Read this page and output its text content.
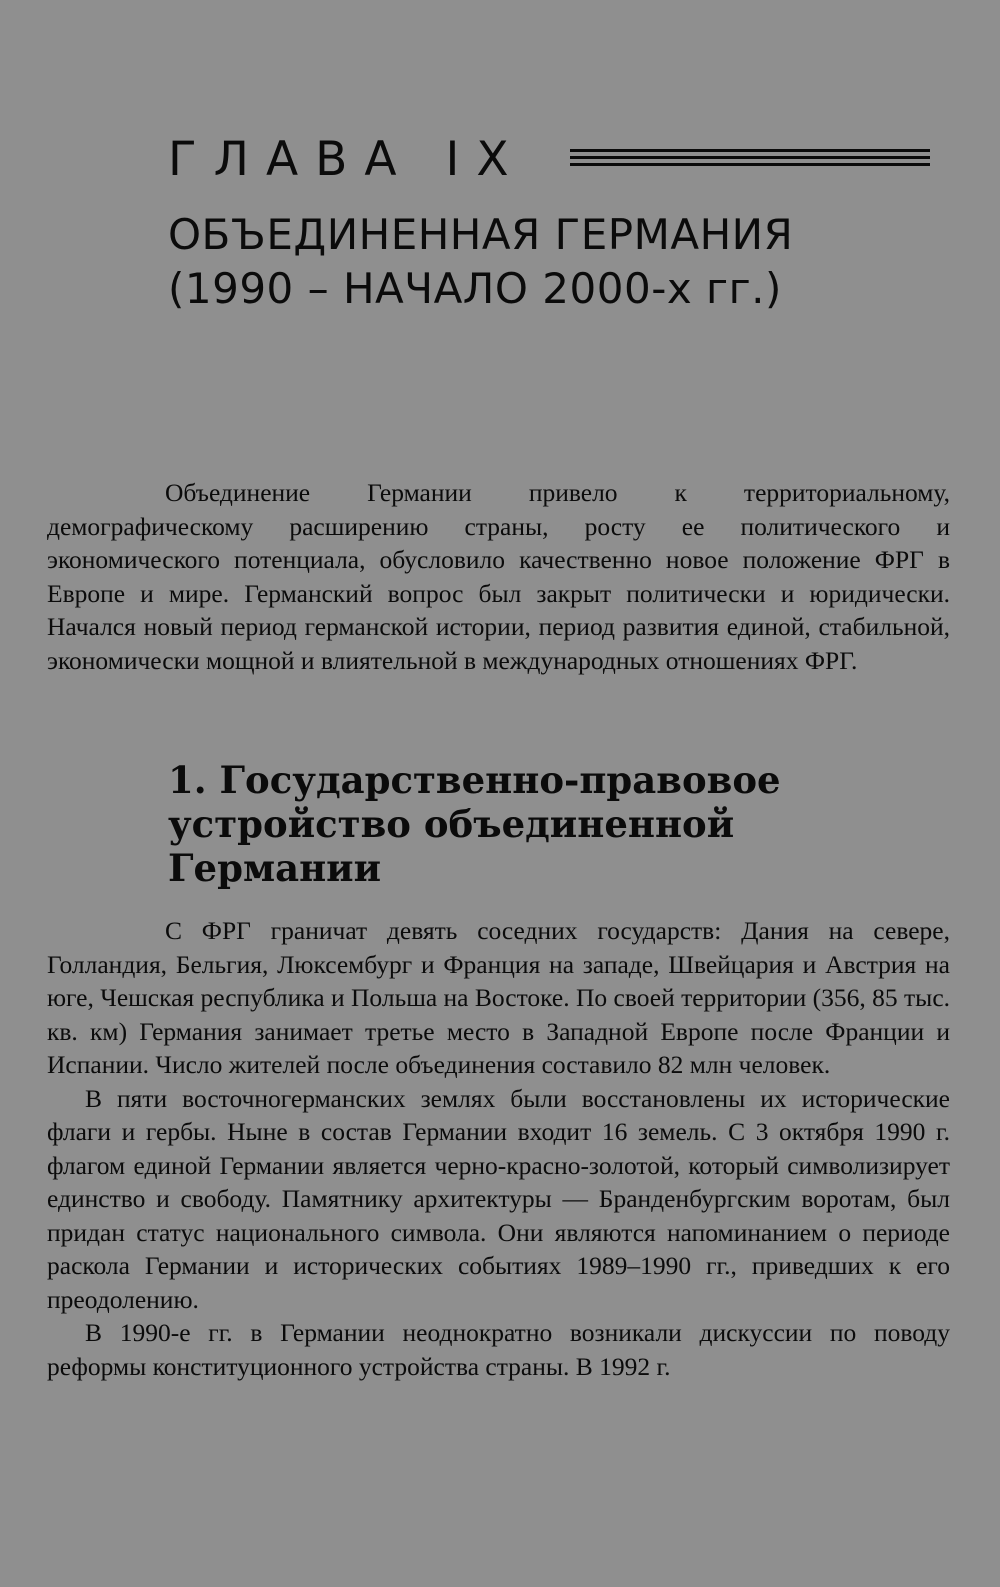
ГЛАВА IX
ОБЪЕДИНЕННАЯ ГЕРМАНИЯ
(1990 – НАЧАЛО 2000-х гг.)

Объединение Германии привело к территориальному, демографическому расширению страны, росту ее политического и экономического потенциала, обусловило качественно новое положение ФРГ в Европе и мире. Германский вопрос был закрыт политически и юридически. Начался новый период германской истории, период развития единой, стабильной, экономически мощной и влиятельной в международных отношениях ФРГ.

1. Государственно-правовое
устройство объединенной
Германии

С ФРГ граничат девять соседних государств: Дания на севере, Голландия, Бельгия, Люксембург и Франция на западе, Швейцария и Австрия на юге, Чешская республика и Польша на Востоке. По своей территории (356, 85 тыс. кв. км) Германия занимает третье место в Западной Европе после Франции и Испании. Число жителей после объединения составило 82 млн человек.

В пяти восточногерманских землях были восстановлены их исторические флаги и гербы. Ныне в состав Германии входит 16 земель. С 3 октября 1990 г. флагом единой Германии является черно-красно-золотой, который символизирует единство и свободу. Памятнику архитектуры — Бранденбургским воротам, был придан статус национального символа. Они являются напоминанием о периоде раскола Германии и исторических событиях 1989–1990 гг., приведших к его преодолению.

В 1990-е гг. в Германии неоднократно возникали дискуссии по поводу реформы конституционного устройства страны. В 1992 г.
